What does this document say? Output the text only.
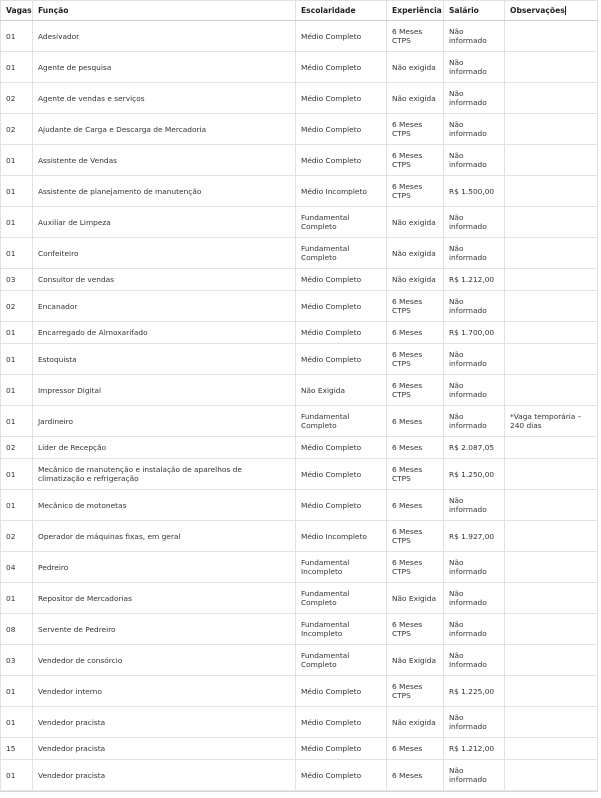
Vagas	Função	Escolaridade	Experiência	Salário	Observações
01	Adesivador	Médio Completo	6 Meses CTPS	Não informado	
01	Agente de pesquisa	Médio Completo	Não exigida	Não informado	
02	Agente de vendas e serviços	Médio Completo	Não exigida	Não informado	
02	Ajudante de Carga e Descarga de Mercadoria	Médio Completo	6 Meses CTPS	Não informado	
01	Assistente de Vendas	Médio Completo	6 Meses CTPS	Não informado	
01	Assistente de planejamento de manutenção	Médio Incompleto	6 Meses CTPS	R$ 1.500,00	
01	Auxiliar de Limpeza	Fundamental Completo	Não exigida	Não informado	
01	Confeiteiro	Fundamental Completo	Não exigida	Não informado	
03	Consultor de vendas	Médio Completo	Não exigida	R$ 1.212,00	
02	Encanador	Médio Completo	6 Meses CTPS	Não informado	
01	Encarregado de Almoxarifado	Médio Completo	6 Meses	R$ 1.700,00	
01	Estoquista	Médio Completo	6 Meses CTPS	Não informado	
01	Impressor Digital	Não Exigida	6 Meses CTPS	Não informado	
01	Jardineiro	Fundamental Completo	6 Meses	Não informado	*Vaga temporária – 240 dias
02	Líder de Recepção	Médio Completo	6 Meses	R$ 2.087,05	
01	Mecânico de manutenção e instalação de aparelhos de climatização e refrigeração	Médio Completo	6 Meses CTPS	R$ 1.250,00	
01	Mecânico de motonetas	Médio Completo	6 Meses	Não informado	
02	Operador de máquinas fixas, em geral	Médio Incompleto	6 Meses CTPS	R$ 1.927,00	
04	Pedreiro	Fundamental Incompleto	6 Meses CTPS	Não informado	
01	Repositor de Mercadorias	Fundamental Completo	Não Exigida	Não informado	
08	Servente de Pedreiro	Fundamental Incompleto	6 Meses CTPS	Não informado	
03	Vendedor de consórcio	Fundamental Completo	Não Exigida	Não Informado	
01	Vendedor interno	Médio Completo	6 Meses CTPS	R$ 1.225,00	
01	Vendedor pracista	Médio Completo	Não exigida	Não informado	
15	Vendedor pracista	Médio Completo	6 Meses	R$ 1.212,00	
01	Vendedor pracista	Médio Completo	6 Meses	Não informado	
